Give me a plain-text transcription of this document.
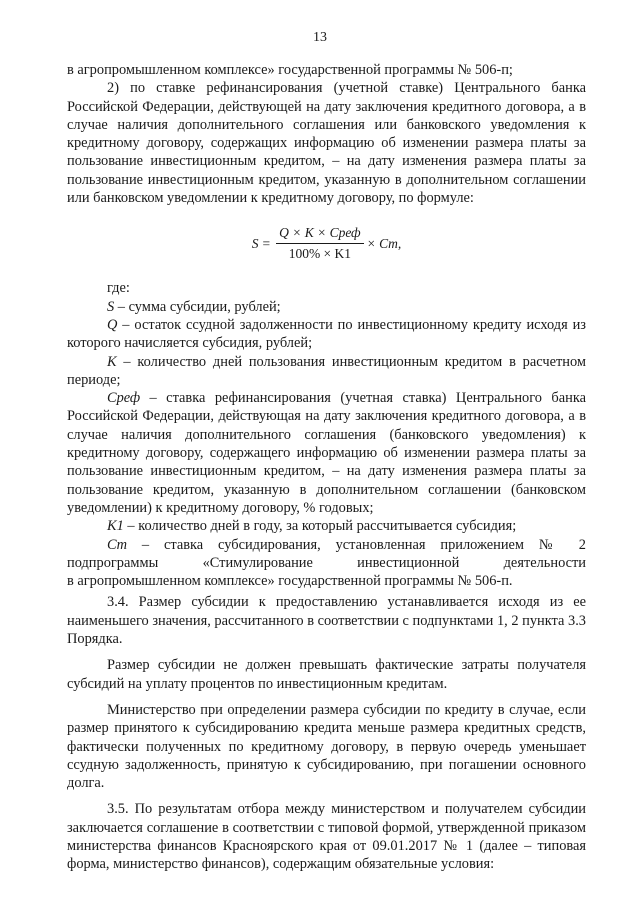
13

в агропромышленном комплексе» государственной программы № 506-п;

2) по ставке рефинансирования (учетной ставке) Центрального банка Российской Федерации, действующей на дату заключения кредитного договора, а в случае наличия дополнительного соглашения или банковского уведомления к кредитному договору, содержащих информацию об изменении размера платы за пользование инвестиционным кредитом, – на дату изменения размера платы за пользование инвестиционным кредитом, указанную в дополнительном соглашении или банковском уведомлении к кредитному договору, по формуле:

$S = \frac{\text{Q × K × Cреф}}{100\% \times K1} \times Cm$,

где:

S – сумма субсидии, рублей;

Q – остаток ссудной задолженности по инвестиционному кредиту исходя из которого начисляется субсидия, рублей;

K – количество дней пользования инвестиционным кредитом в расчетном периоде;

Cреф – ставка рефинансирования (учетная ставка) Центрального банка Российской Федерации, действующая на дату заключения кредитного договора, а в случае наличия дополнительного соглашения (банковского уведомления) к кредитному договору, содержащего информацию об изменении размера платы за пользование инвестиционным кредитом, – на дату изменения размера платы за пользование кредитом, указанную в дополнительном соглашении (банковском уведомлении) к кредитному договору, % годовых;

K1 – количество дней в году, за который рассчитывается субсидия;

Cm – ставка субсидирования, установленная приложением № 2

подпрограммы «Стимулирование инвестиционной деятельности

в агропромышленном комплексе» государственной программы № 506-п.

3.4. Размер субсидии к предоставлению устанавливается исходя из ее наименьшего значения, рассчитанного в соответствии с подпунктами 1, 2 пункта 3.3 Порядка.

Размер субсидии не должен превышать фактические затраты получателя субсидий на уплату процентов по инвестиционным кредитам.

Министерство при определении размера субсидии по кредиту в случае, если размер принятого к субсидированию кредита меньше размера кредитных средств, фактически полученных по кредитному договору, в первую очередь уменьшает ссудную задолженность, принятую к субсидированию, при погашении основного долга.

3.5. По результатам отбора между министерством и получателем субсидии заключается соглашение в соответствии с типовой формой, утвержденной приказом министерства финансов Красноярского края от 09.01.2017 № 1 (далее – типовая форма, министерство финансов), содержащим обязательные условия:
